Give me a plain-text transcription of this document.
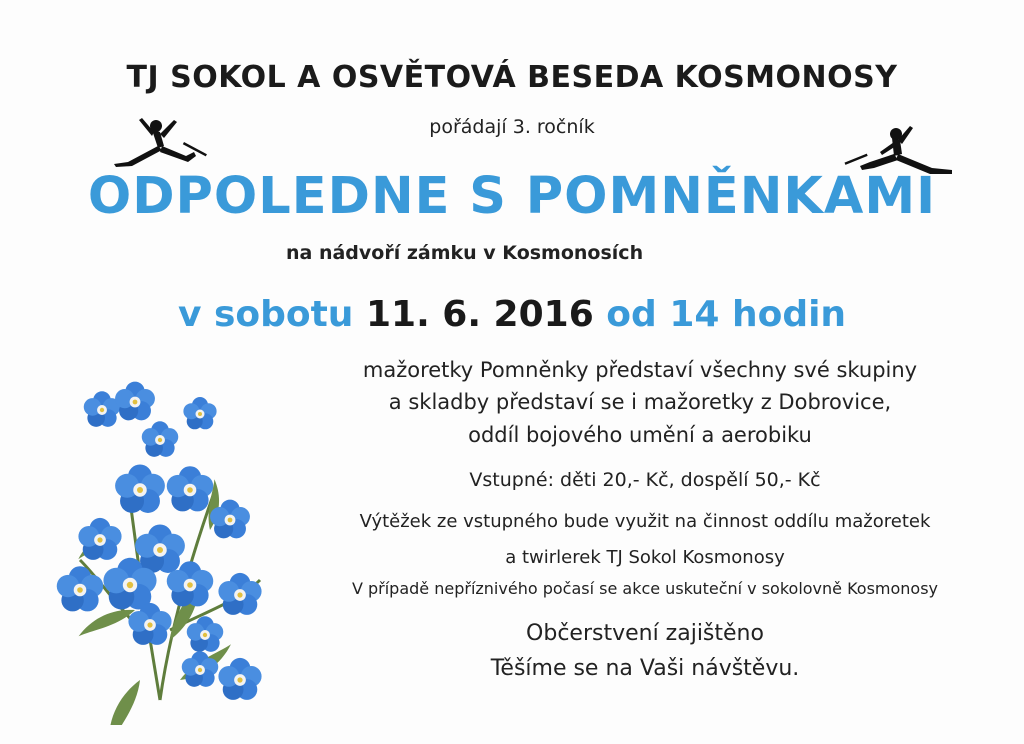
TJ SOKOL A OSVĚTOVÁ BESEDA KOSMONOSY
pořádají 3. ročník
ODPOLEDNE S POMNĚNKAMI
na nádvoří zámku v Kosmonosích
v sobotu 11. 6. 2016 od 14 hodin
mažoretky Pomněnky představí všechny své skupiny
a skladby představí se i mažoretky z Dobrovice,
oddíl bojového umění a aerobiku
Vstupné: děti 20,- Kč, dospělí 50,- Kč
Výtěžek ze vstupného bude využit na činnost oddílu mažoretek
a twirlerek TJ Sokol Kosmonosy
V případě nepříznivého počasí se akce uskuteční v sokolovně Kosmonosy
Občerstvení zajištěno
Těšíme se na Vaši návštěvu.
